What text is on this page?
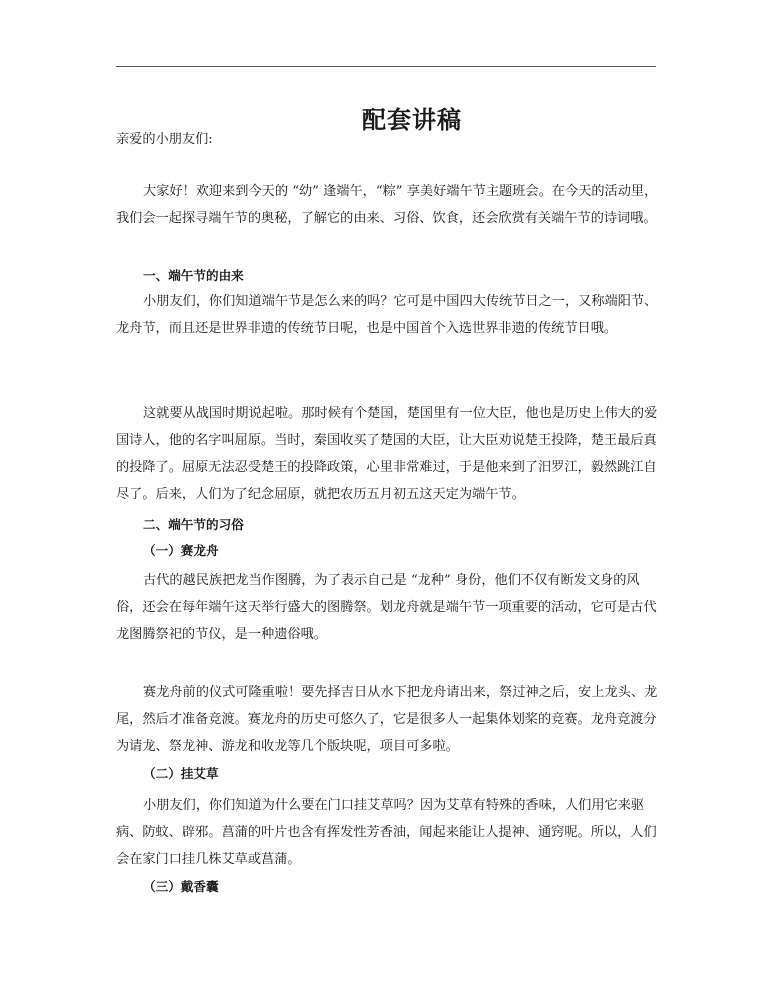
配套讲稿

亲爱的小朋友们:

大家好！欢迎来到今天的 “幼” 逢端午，“粽” 享美好端午节主题班会。在今天的活动里，我们会一起探寻端午节的奥秘，了解它的由来、习俗、饮食，还会欣赏有关端午节的诗词哦。

一、端午节的由来

小朋友们，你们知道端午节是怎么来的吗？它可是中国四大传统节日之一，又称端阳节、龙舟节，而且还是世界非遗的传统节日呢，也是中国首个入选世界非遗的传统节日哦。

这就要从战国时期说起啦。那时候有个楚国，楚国里有一位大臣，他也是历史上伟大的爱国诗人，他的名字叫屈原。当时，秦国收买了楚国的大臣，让大臣劝说楚王投降，楚王最后真的投降了。屈原无法忍受楚王的投降政策，心里非常难过，于是他来到了汨罗江，毅然跳江自尽了。后来，人们为了纪念屈原，就把农历五月初五这天定为端午节。

二、端午节的习俗
（一）赛龙舟

古代的越民族把龙当作图腾，为了表示自己是 “龙种” 身份，他们不仅有断发文身的风俗，还会在每年端午这天举行盛大的图腾祭。划龙舟就是端午节一项重要的活动，它可是古代龙图腾祭祀的节仪，是一种遗俗哦。

赛龙舟前的仪式可隆重啦！要先择吉日从水下把龙舟请出来，祭过神之后，安上龙头、龙尾，然后才准备竞渡。赛龙舟的历史可悠久了，它是很多人一起集体划桨的竞赛。龙舟竞渡分为请龙、祭龙神、游龙和收龙等几个版块呢，项目可多啦。

（二）挂艾草

小朋友们，你们知道为什么要在门口挂艾草吗？因为艾草有特殊的香味，人们用它来驱病、防蚊、辟邪。菖蒲的叶片也含有挥发性芳香油，闻起来能让人提神、通窍呢。所以，人们会在家门口挂几株艾草或菖蒲。

（三）戴香囊
